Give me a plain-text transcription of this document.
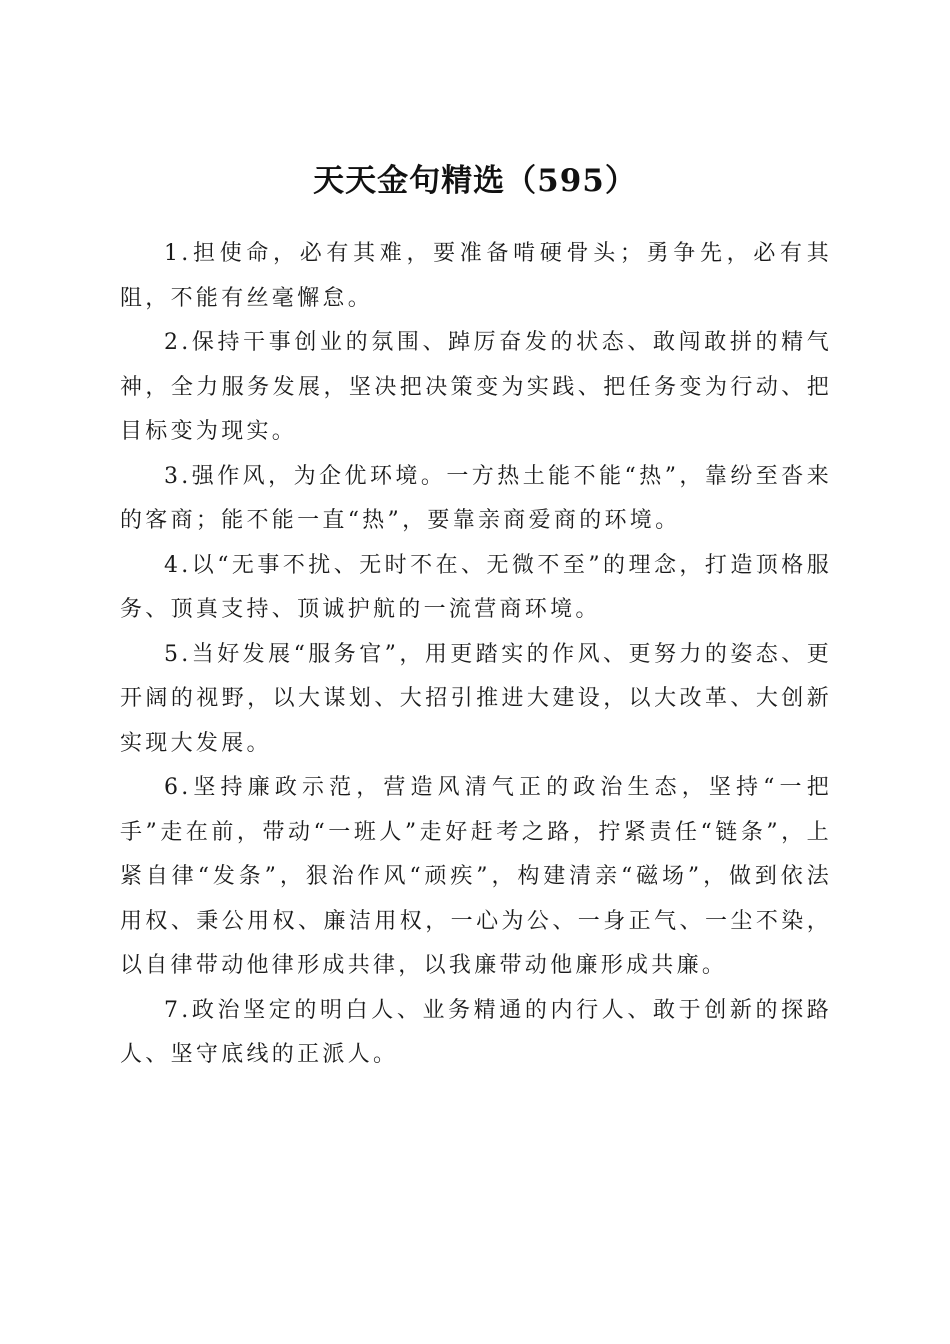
天天金句精选（595）

1.担使命，必有其难，要准备啃硬骨头；勇争先，必有其阻，不能有丝毫懈怠。

2.保持干事创业的氛围、踔厉奋发的状态、敢闯敢拼的精气神，全力服务发展，坚决把决策变为实践、把任务变为行动、把目标变为现实。

3.强作风，为企优环境。一方热土能不能“热”，靠纷至沓来的客商；能不能一直“热”，要靠亲商爱商的环境。

4.以“无事不扰、无时不在、无微不至”的理念，打造顶格服务、顶真支持、顶诚护航的一流营商环境。

5.当好发展“服务官”，用更踏实的作风、更努力的姿态、更开阔的视野，以大谋划、大招引推进大建设，以大改革、大创新实现大发展。

6.坚持廉政示范，营造风清气正的政治生态，坚持“一把手”走在前，带动“一班人”走好赶考之路，拧紧责任“链条”，上紧自律“发条”，狠治作风“顽疾”，构建清亲“磁场”，做到依法用权、秉公用权、廉洁用权，一心为公、一身正气、一尘不染，以自律带动他律形成共律，以我廉带动他廉形成共廉。

7.政治坚定的明白人、业务精通的内行人、敢于创新的探路人、坚守底线的正派人。
